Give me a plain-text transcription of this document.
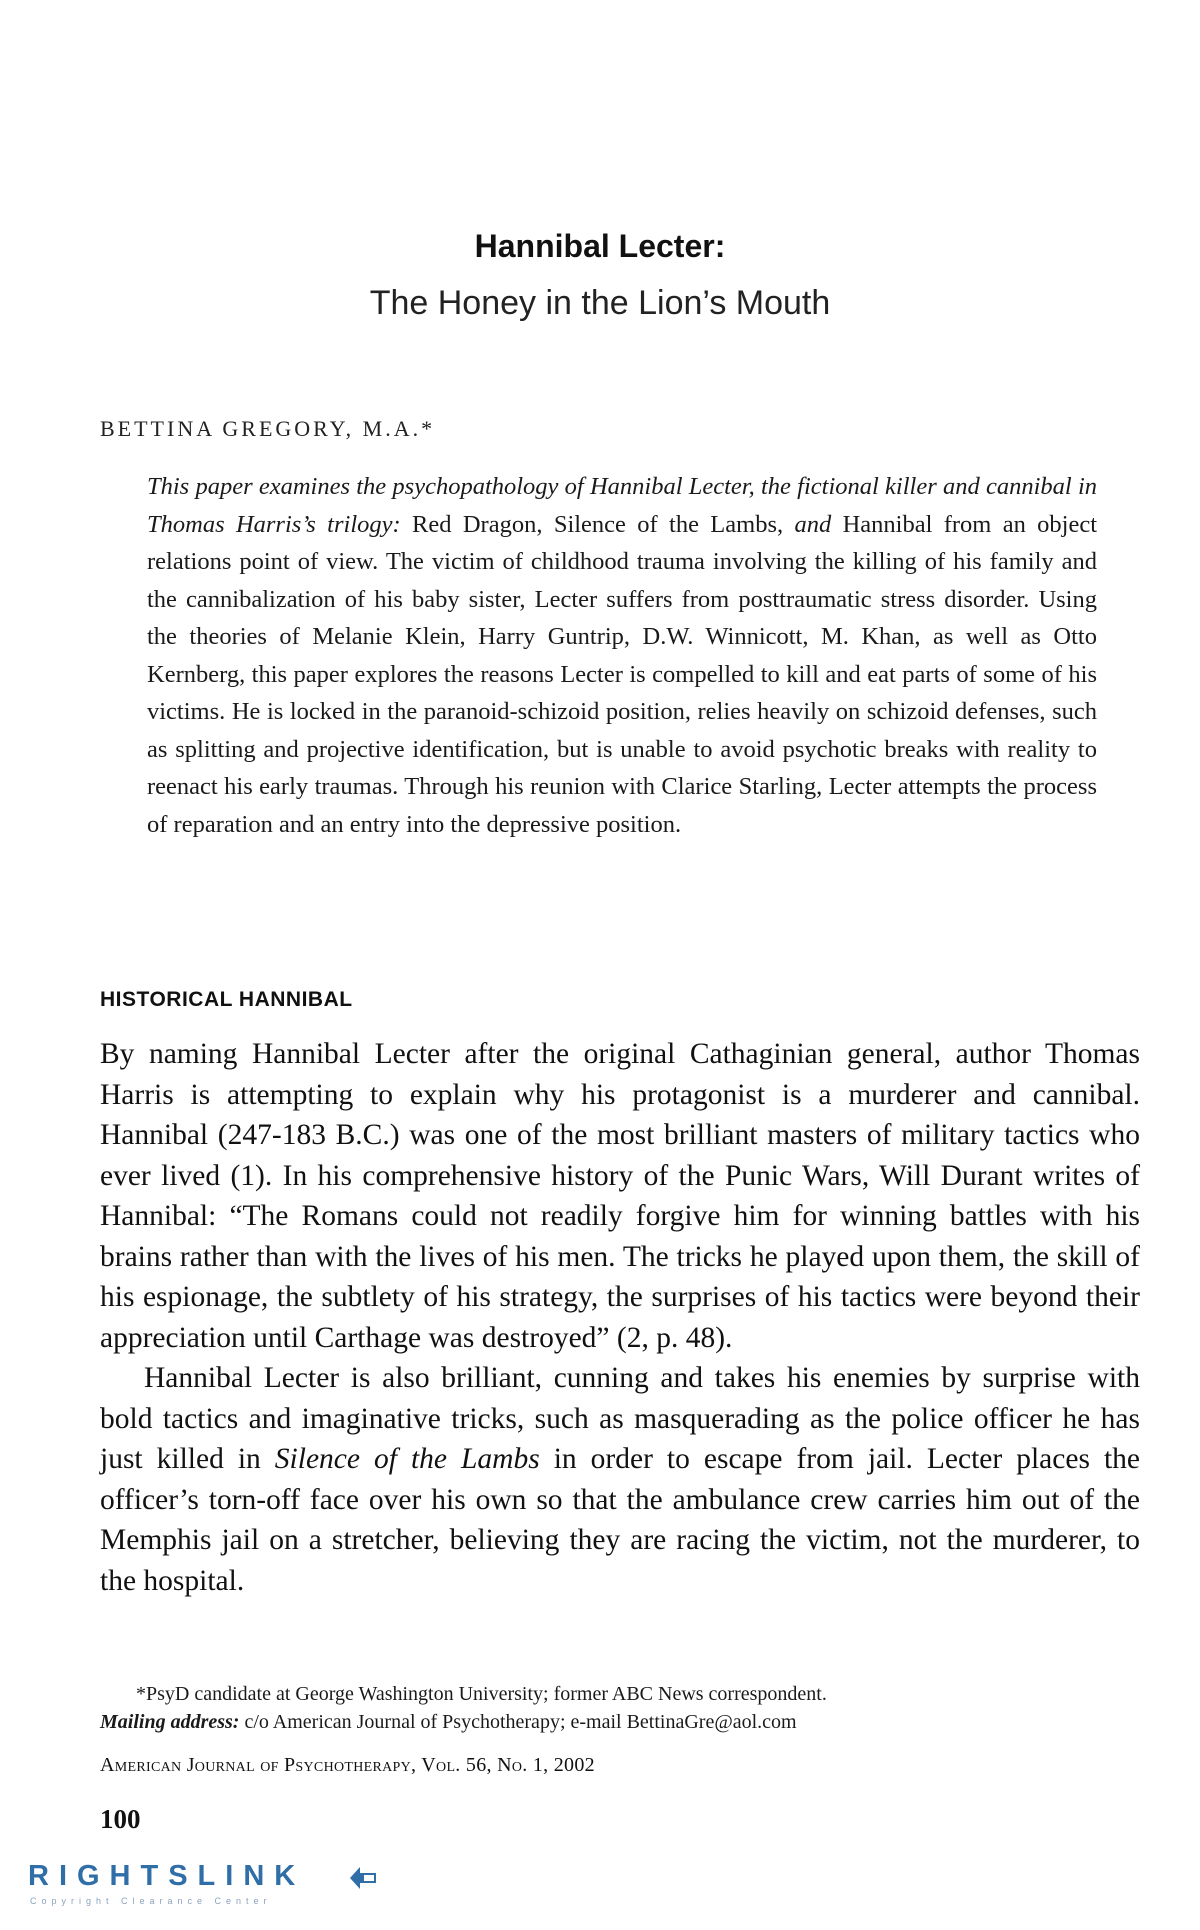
Hannibal Lecter:
The Honey in the Lion’s Mouth
BETTINA GREGORY, M.A.*
This paper examines the psychopathology of Hannibal Lecter, the fictional killer and cannibal in Thomas Harris’s trilogy: Red Dragon, Silence of the Lambs, and Hannibal from an object relations point of view. The victim of childhood trauma involving the killing of his family and the cannibalization of his baby sister, Lecter suffers from posttraumatic stress disorder. Using the theories of Melanie Klein, Harry Guntrip, D.W. Winnicott, M. Khan, as well as Otto Kernberg, this paper explores the reasons Lecter is compelled to kill and eat parts of some of his victims. He is locked in the paranoid-schizoid position, relies heavily on schizoid defenses, such as splitting and projective identification, but is unable to avoid psychotic breaks with reality to reenact his early traumas. Through his reunion with Clarice Starling, Lecter attempts the process of reparation and an entry into the depressive position.
HISTORICAL HANNIBAL

By naming Hannibal Lecter after the original Cathaginian general, author Thomas Harris is attempting to explain why his protagonist is a murderer and cannibal. Hannibal (247-183 B.C.) was one of the most brilliant masters of military tactics who ever lived (1). In his comprehensive history of the Punic Wars, Will Durant writes of Hannibal: “The Romans could not readily forgive him for winning battles with his brains rather than with the lives of his men. The tricks he played upon them, the skill of his espionage, the subtlety of his strategy, the surprises of his tactics were beyond their appreciation until Carthage was destroyed” (2, p. 48).

Hannibal Lecter is also brilliant, cunning and takes his enemies by surprise with bold tactics and imaginative tricks, such as masquerading as the police officer he has just killed in Silence of the Lambs in order to escape from jail. Lecter places the officer’s torn-off face over his own so that the ambulance crew carries him out of the Memphis jail on a stretcher, believing they are racing the victim, not the murderer, to the hospital.

*PsyD candidate at George Washington University; former ABC News correspondent.
Mailing address: c/o American Journal of Psychotherapy; e-mail BettinaGre@aol.com
American Journal of Psychotherapy, Vol. 56, No. 1, 2002
100
RIGHTSLINK
Copyright Clearance Center
